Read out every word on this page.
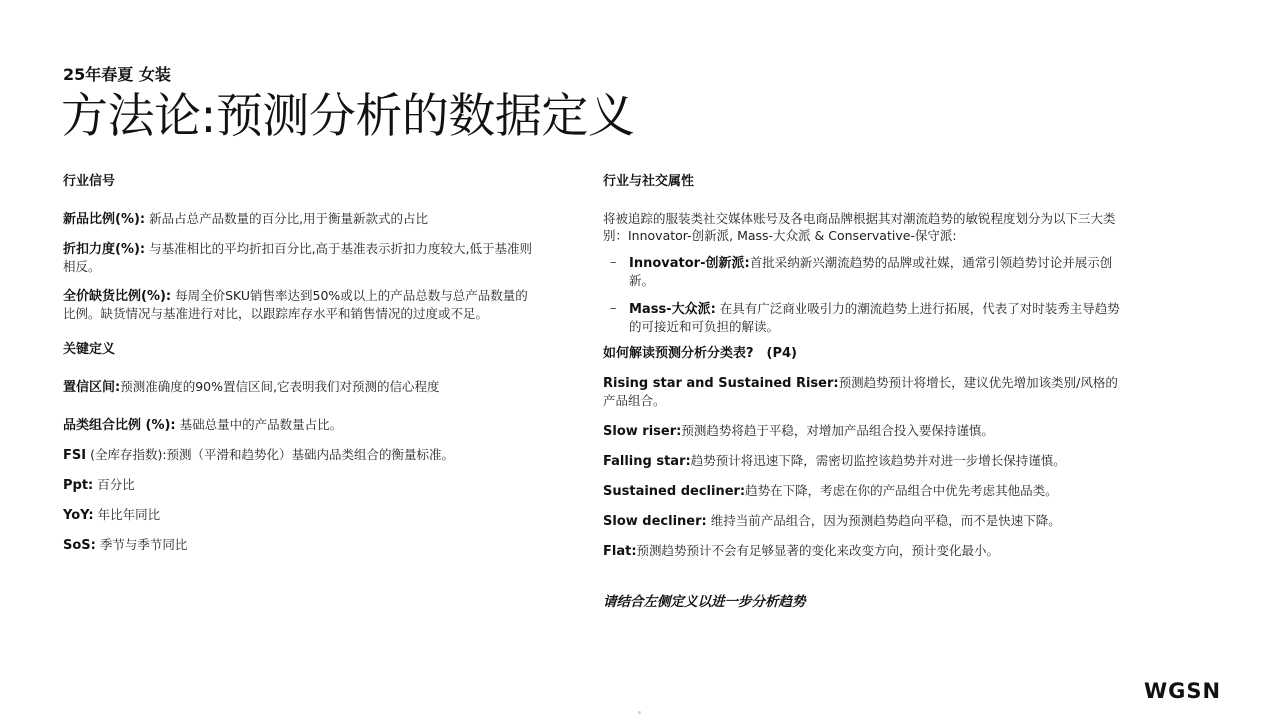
25年春夏 女装
方法论:预测分析的数据定义

行业信号

新品比例(%): 新品占总产品数量的百分比,用于衡量新款式的占比

折扣力度(%): 与基准相比的平均折扣百分比,高于基准表示折扣力度较大,低于基准则相反。

全价缺货比例(%): 每周全价SKU销售率达到50%或以上的产品总数与总产品数量的比例。缺货情况与基准进行对比，以跟踪库存水平和销售情况的过度或不足。

关键定义

置信区间:预测准确度的90%置信区间,它表明我们对预测的信心程度

品类组合比例 (%): 基础总量中的产品数量占比。

FSI (全库存指数):预测（平滑和趋势化）基础内品类组合的衡量标准。

Ppt: 百分比

YoY: 年比年同比

SoS: 季节与季节同比

行业与社交属性

将被追踪的服装类社交媒体账号及各电商品牌根据其对潮流趋势的敏锐程度划分为以下三大类别：Innovator-创新派, Mass-大众派 & Conservative-保守派:

– Innovator-创新派:首批采纳新兴潮流趋势的品牌或社媒，通常引领趋势讨论并展示创新。
– Mass-大众派: 在具有广泛商业吸引力的潮流趋势上进行拓展，代表了对时装秀主导趋势的可接近和可负担的解读。

如何解读预测分析分类表?　(P4)

Rising star and Sustained Riser:预测趋势预计将增长，建议优先增加该类别/风格的产品组合。

Slow riser:预测趋势将趋于平稳，对增加产品组合投入要保持谨慎。

Falling star:趋势预计将迅速下降，需密切监控该趋势并对进一步增长保持谨慎。

Sustained decliner:趋势在下降，考虑在你的产品组合中优先考虑其他品类。

Slow decliner: 维持当前产品组合，因为预测趋势趋向平稳，而不是快速下降。

Flat:预测趋势预计不会有足够显著的变化来改变方向，预计变化最小。

请结合左侧定义以进一步分析趋势

WGSN
